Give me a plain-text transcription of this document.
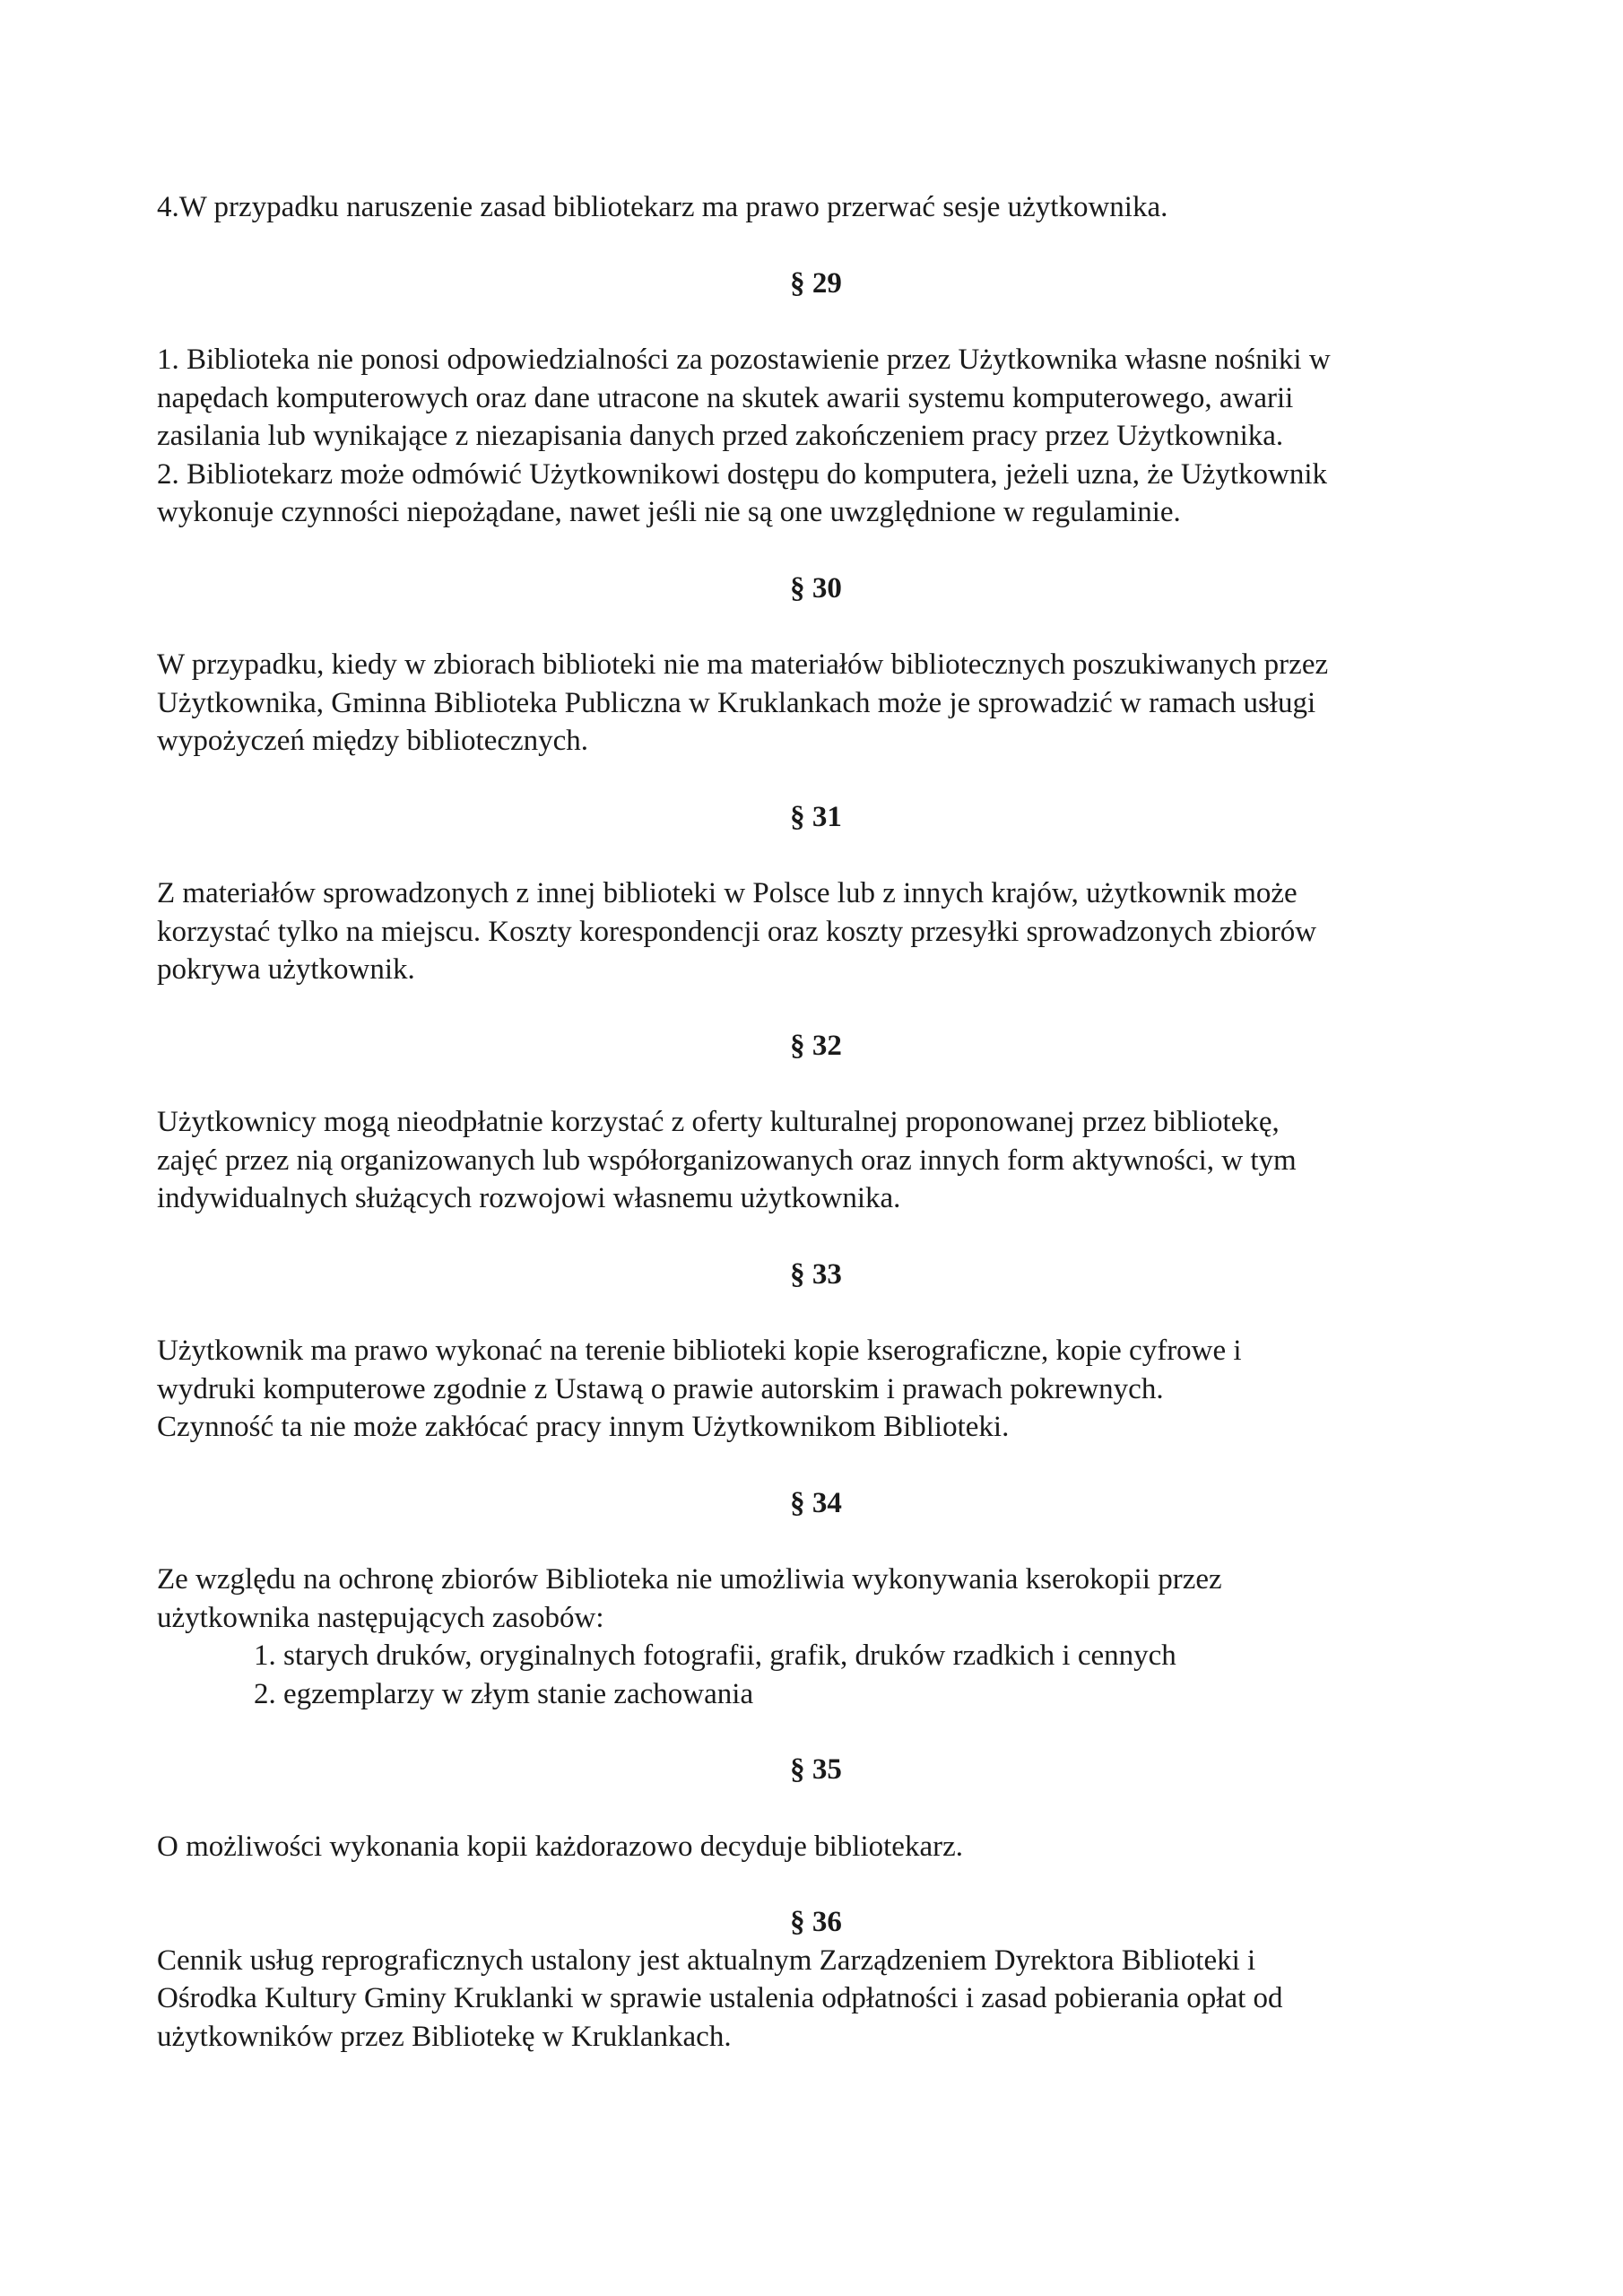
4.W przypadku naruszenie zasad bibliotekarz ma prawo przerwać sesje użytkownika.

§ 29

1. Biblioteka nie ponosi odpowiedzialności za pozostawienie przez Użytkownika własne nośniki w
napędach komputerowych oraz dane utracone na skutek awarii systemu komputerowego, awarii
zasilania lub wynikające z niezapisania danych przed zakończeniem pracy przez Użytkownika.
2. Bibliotekarz może odmówić Użytkownikowi dostępu do komputera, jeżeli uzna, że Użytkownik
wykonuje czynności niepożądane, nawet jeśli nie są one uwzględnione w regulaminie.

§ 30

W przypadku, kiedy w zbiorach biblioteki nie ma materiałów bibliotecznych poszukiwanych przez
Użytkownika, Gminna Biblioteka Publiczna w Kruklankach może je sprowadzić w ramach usługi
wypożyczeń między bibliotecznych.

§ 31

Z materiałów sprowadzonych z innej biblioteki w Polsce lub z innych krajów, użytkownik może
korzystać tylko na miejscu. Koszty korespondencji oraz koszty przesyłki sprowadzonych zbiorów
pokrywa użytkownik.

§ 32

Użytkownicy mogą nieodpłatnie korzystać z oferty kulturalnej proponowanej przez bibliotekę,
zajęć przez nią organizowanych lub współorganizowanych oraz innych form aktywności, w tym
indywidualnych służących rozwojowi własnemu użytkownika.

§ 33

Użytkownik ma prawo wykonać na terenie biblioteki kopie kserograficzne, kopie cyfrowe i
wydruki komputerowe zgodnie z Ustawą o prawie autorskim i prawach pokrewnych.
Czynność ta nie może zakłócać pracy innym Użytkownikom Biblioteki.

§ 34

Ze względu na ochronę zbiorów Biblioteka nie umożliwia wykonywania kserokopii przez
użytkownika następujących zasobów:

1. starych druków, oryginalnych fotografii, grafik, druków rzadkich i cennych
2. egzemplarzy w złym stanie zachowania
§ 35

O możliwości wykonania kopii każdorazowo decyduje bibliotekarz.

§ 36

Cennik usług reprograficznych ustalony jest aktualnym Zarządzeniem Dyrektora Biblioteki i
Ośrodka Kultury Gminy Kruklanki w sprawie ustalenia odpłatności i zasad pobierania opłat od
użytkowników przez Bibliotekę w Kruklankach.
